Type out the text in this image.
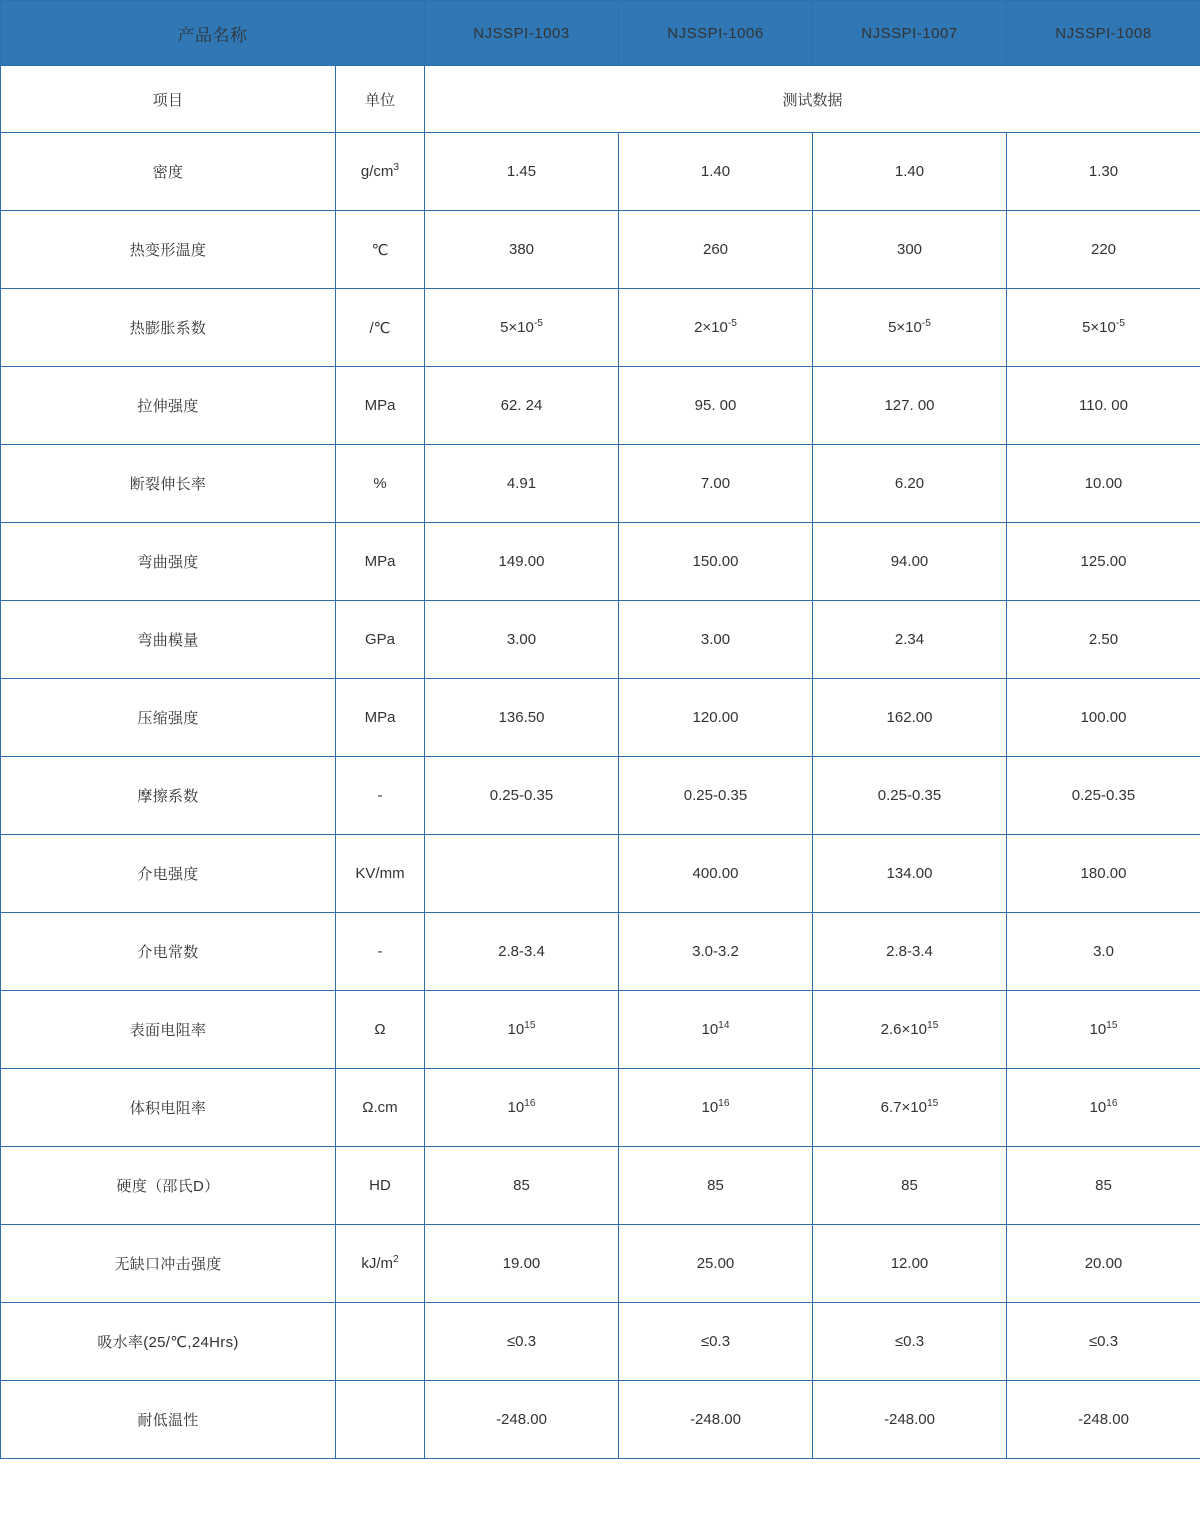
产品名称		NJSSPI-1003	NJSSPI-1006	NJSSPI-1007	NJSSPI-1008
项目	单位	测试数据			
密度	$g/cm^3$	1.45	1.40	1.40	1.30
热变形温度	℃	380	260	300	220
热膨胀系数	/℃	$5\times 10^{-5}$	$2\times 10^{-5}$	$5\times 10^{-5}$	$5\times 10^{-5}$
拉伸强度	MPa	62. 24	95. 00	127. 00	110. 00
断裂伸长率	%	4.91	7.00	6.20	10.00
弯曲强度	MPa	149.00	150.00	94.00	125.00
弯曲模量	GPa	3.00	3.00	2.34	2.50
压缩强度	MPa	136.50	120.00	162.00	100.00
摩擦系数	-	0.25-0.35	0.25-0.35	0.25-0.35	0.25-0.35
介电强度	KV/mm		400.00	134.00	180.00
介电常数	-	2.8-3.4	3.0-3.2	2.8-3.4	3.0
表面电阻率	Ω	$10^{15}$	$10^{14}$	$2.6\times 10^{15}$	$10^{15}$
体积电阻率	Ω.cm	$10^{16}$	$10^{16}$	$6.7\times 10^{15}$	$10^{16}$
硬度（邵氏D）	HD	85	85	85	85
无缺口冲击强度	$kJ/m^2$	19.00	25.00	12.00	20.00
吸水率(25/℃,24Hrs)		≤0.3	≤0.3	≤0.3	≤0.3
耐低温性		-248.00	-248.00	-248.00	-248.00
